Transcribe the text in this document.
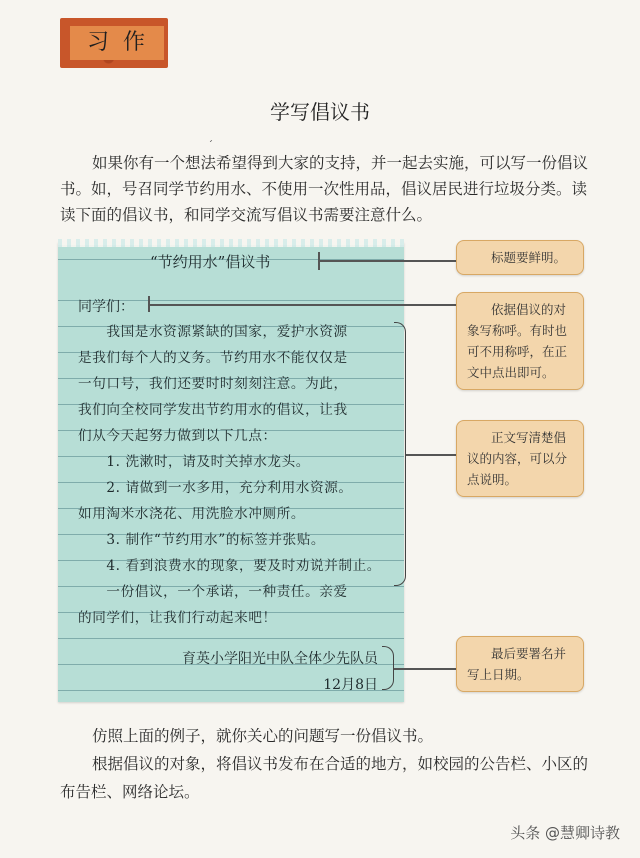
习作
学写倡议书
´

如果你有一个想法希望得到大家的支持，并一起去实施，可以写一份倡议书。如，号召同学节约用水、不使用一次性用品，倡议居民进行垃圾分类。读读下面的倡议书，和同学交流写倡议书需要注意什么。

“节约用水”倡议书
同学们：
　　我国是水资源紧缺的国家，爱护水资源
是我们每个人的义务。节约用水不能仅仅是
一句口号，我们还要时时刻刻注意。为此，
我们向全校同学发出节约用水的倡议，让我
们从今天起努力做到以下几点：
　　1. 洗漱时，请及时关掉水龙头。
　　2. 请做到一水多用，充分利用水资源。
如用淘米水浇花、用洗脸水冲厕所。
　　3. 制作“节约用水”的标签并张贴。
　　4. 看到浪费水的现象，要及时劝说并制止。
　　一份倡议，一个承诺，一种责任。亲爱
的同学们，让我们行动起来吧！
育英小学阳光中队全体少先队员
12月8日
标题要鲜明。
依据倡议的对象写称呼。有时也可不用称呼，在正文中点出即可。
正文写清楚倡议的内容，可以分点说明。
最后要署名并写上日期。

仿照上面的例子，就你关心的问题写一份倡议书。

根据倡议的对象，将倡议书发布在合适的地方，如校园的公告栏、小区的布告栏、网络论坛。

头条 @慧卿诗教
